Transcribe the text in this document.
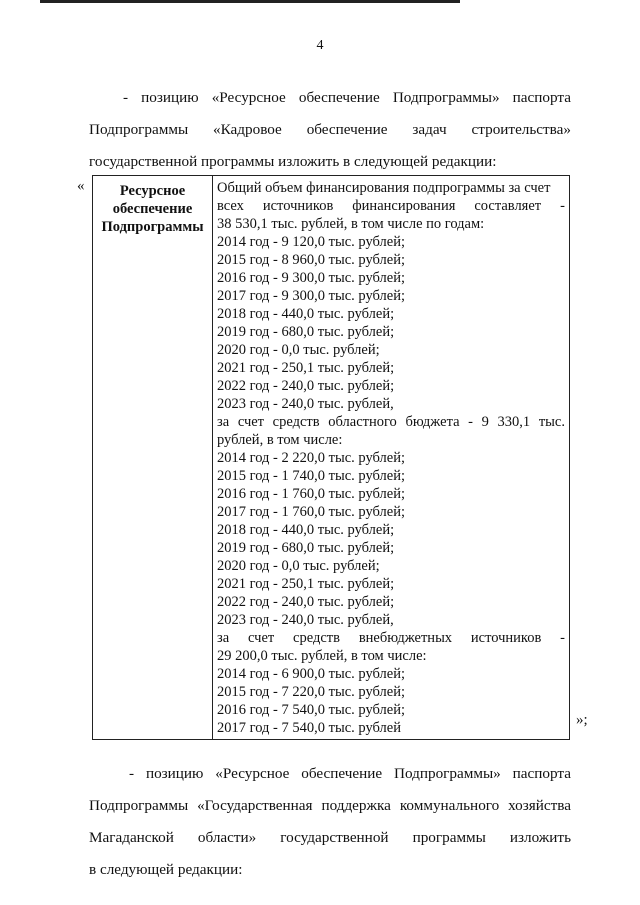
4
- позицию «Ресурсное обеспечение Подпрограммы» паспорта
Подпрограммы «Кадровое обеспечение задач строительства»
государственной программы изложить в следующей редакции:
«	Ресурсное
обеспечение
Подпрограммы
Общий объем финансирования подпрограммы за счет
всех источников финансирования составляет -
38 530,1 тыс. рублей, в том числе по годам:
2014 год - 9 120,0 тыс. рублей;
2015 год - 8 960,0 тыс. рублей;
2016 год - 9 300,0 тыс. рублей;
2017 год - 9 300,0 тыс. рублей;
2018 год - 440,0 тыс. рублей;
2019 год - 680,0 тыс. рублей;
2020 год - 0,0 тыс. рублей;
2021 год - 250,1 тыс. рублей;
2022 год - 240,0 тыс. рублей;
2023 год - 240,0 тыс. рублей,
за счет средств областного бюджета - 9 330,1 тыс.
рублей, в том числе:
2014 год - 2 220,0 тыс. рублей;
2015 год - 1 740,0 тыс. рублей;
2016 год - 1 760,0 тыс. рублей;
2017 год - 1 760,0 тыс. рублей;
2018 год - 440,0 тыс. рублей;
2019 год - 680,0 тыс. рублей;
2020 год - 0,0 тыс. рублей;
2021 год - 250,1 тыс. рублей;
2022 год - 240,0 тыс. рублей;
2023 год - 240,0 тыс. рублей,
за счет средств внебюджетных источников -
29 200,0 тыс. рублей, в том числе:
2014 год - 6 900,0 тыс. рублей;
2015 год - 7 220,0 тыс. рублей;
2016 год - 7 540,0 тыс. рублей;
2017 год - 7 540,0 тыс. рублей	»;
- позицию «Ресурсное обеспечение Подпрограммы» паспорта
Подпрограммы «Государственная поддержка коммунального хозяйства
Магаданской области» государственной программы изложить
в следующей редакции:
